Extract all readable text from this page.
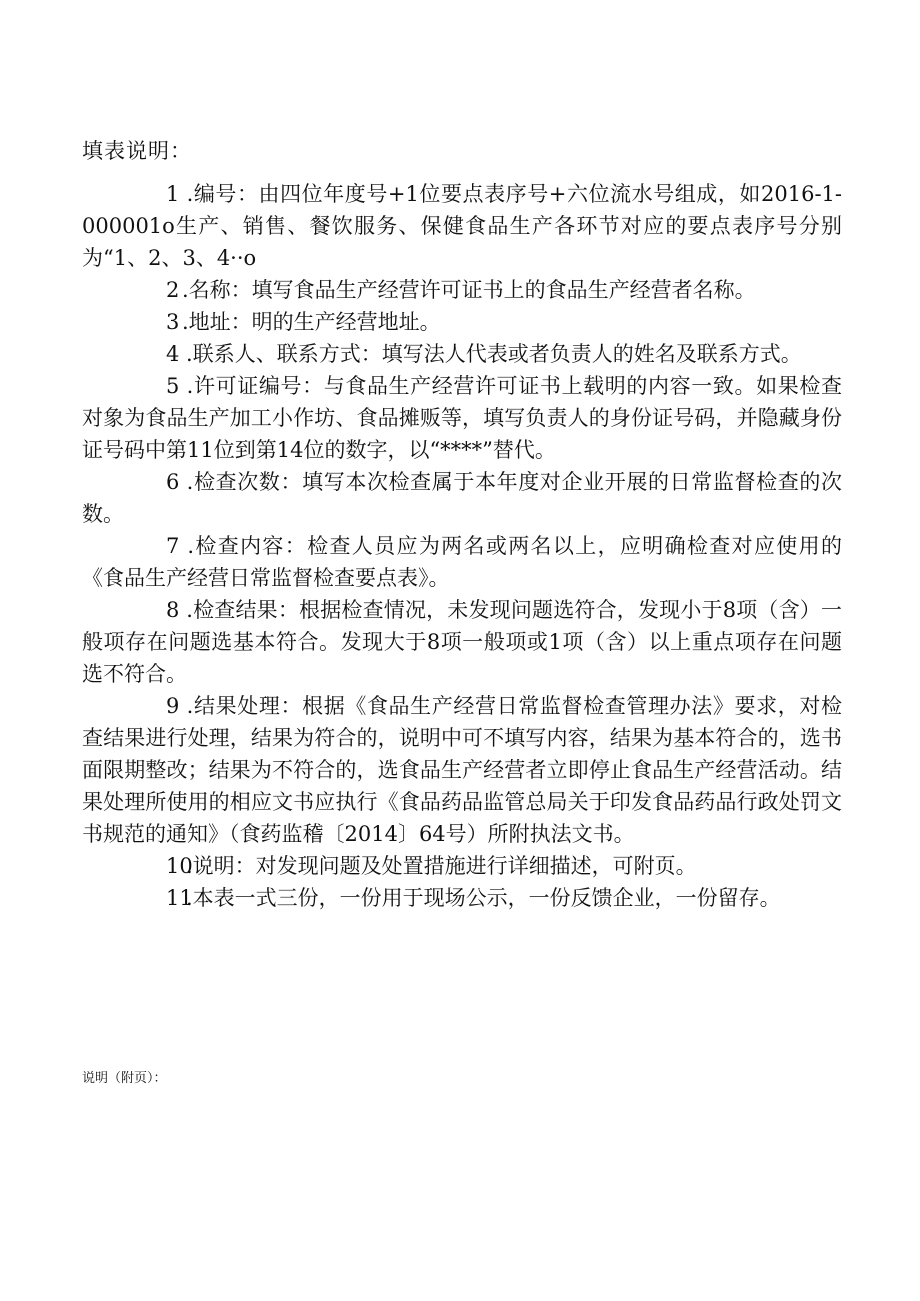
填表说明：

1 .编号：由四位年度号+1位要点表序号+六位流水号组成，如2016-1-000001o生产、销售、餐饮服务、保健食品生产各环节对应的要点表序号分别为“1、2、3、4··o

2 .名称：填写食品生产经营许可证书上的食品生产经营者名称。

3 .地址：明的生产经营地址。

4 .联系人、联系方式：填写法人代表或者负责人的姓名及联系方式。

5 .许可证编号：与食品生产经营许可证书上载明的内容一致。如果检查对象为食品生产加工小作坊、食品摊贩等，填写负责人的身份证号码，并隐藏身份证号码中第11位到第14位的数字，以“****”替代。

6 .检查次数：填写本次检查属于本年度对企业开展的日常监督检查的次数。

7 .检查内容：检查人员应为两名或两名以上，应明确检查对应使用的《食品生产经营日常监督检查要点表》。

8 .检查结果：根据检查情况，未发现问题选符合，发现小于8项（含）一般项存在问题选基本符合。发现大于8项一般项或1项（含）以上重点项存在问题选不符合。

9 .结果处理：根据《食品生产经营日常监督检查管理办法》要求，对检查结果进行处理，结果为符合的，说明中可不填写内容，结果为基本符合的，选书面限期整改；结果为不符合的，选食品生产经营者立即停止食品生产经营活动。结果处理所使用的相应文书应执行《食品药品监管总局关于印发食品药品行政处罚文书规范的通知》（食药监稽〔2014〕64号）所附执法文书。

10.说明：对发现问题及处置措施进行详细描述，可附页。

11.本表一式三份，一份用于现场公示，一份反馈企业，一份留存。

说明（附页）：
